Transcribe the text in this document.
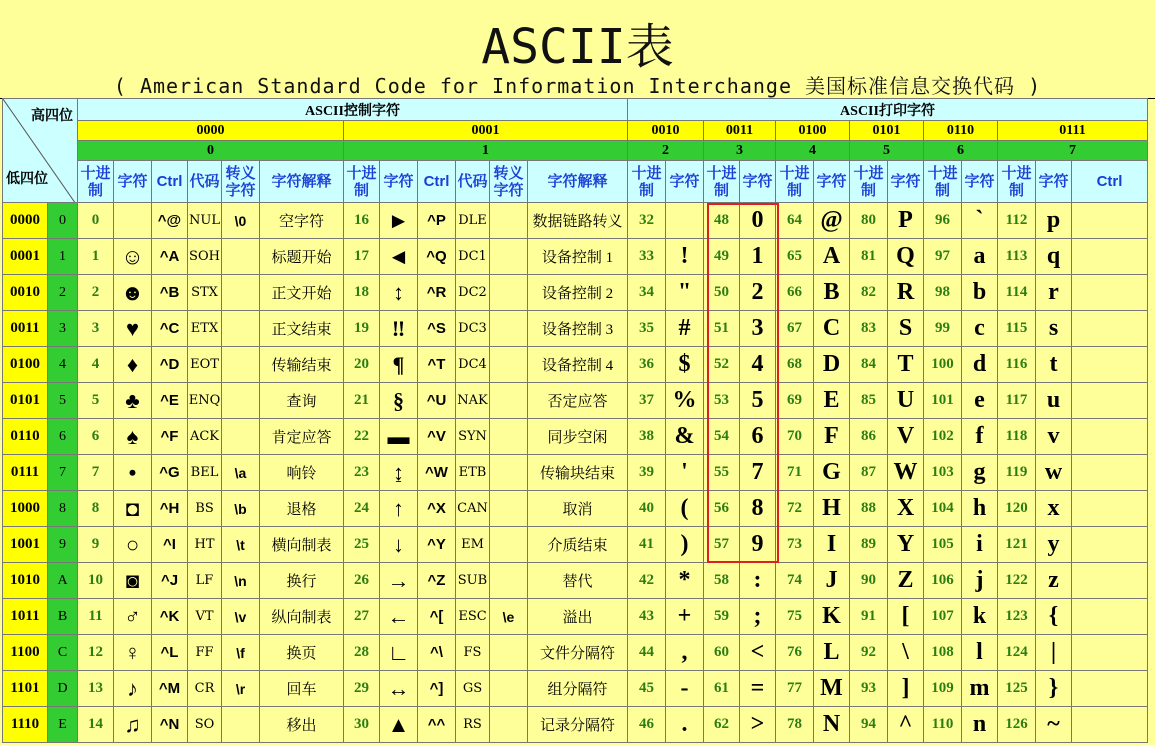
ASCII表
( American Standard Code for Information Interchange 美国标准信息交换代码 )
高四位
低四位		ASCII控制字符												ASCII打印字符												
		0000						0001						0010		0011		0100		0101		0110		0111		
		0						1						2		3		4		5		6		7		
		十进制	字符	Ctrl	代码	转义字符	字符解释	十进制	字符	Ctrl	代码	转义字符	字符解释	十进制	字符	十进制	字符	十进制	字符	十进制	字符	十进制	字符	十进制	字符	Ctrl
0000	0	0		^@	NUL	\0	空字符	16	►	^P	DLE		数据链路转义	32		48	0	64	@	80	P	96	`	112	p	
0001	1	1	☺	^A	SOH		标题开始	17	◄	^Q	DC1		设备控制 1	33	!	49	1	65	A	81	Q	97	a	113	q	
0010	2	2	☻	^B	STX		正文开始	18	↕	^R	DC2		设备控制 2	34	"	50	2	66	B	82	R	98	b	114	r	
0011	3	3	♥	^C	ETX		正文结束	19	‼	^S	DC3		设备控制 3	35	#	51	3	67	C	83	S	99	c	115	s	
0100	4	4	♦	^D	EOT		传输结束	20	¶	^T	DC4		设备控制 4	36	$	52	4	68	D	84	T	100	d	116	t	
0101	5	5	♣	^E	ENQ		查询	21	§	^U	NAK		否定应答	37	%	53	5	69	E	85	U	101	e	117	u	
0110	6	6	♠	^F	ACK		肯定应答	22	▬	^V	SYN		同步空闲	38	&	54	6	70	F	86	V	102	f	118	v	
0111	7	7	•	^G	BEL	\a	响铃	23	↨	^W	ETB		传输块结束	39	'	55	7	71	G	87	W	103	g	119	w	
1000	8	8	◘	^H	BS	\b	退格	24	↑	^X	CAN		取消	40	(	56	8	72	H	88	X	104	h	120	x	
1001	9	9	○	^I	HT	\t	横向制表	25	↓	^Y	EM		介质结束	41	)	57	9	73	I	89	Y	105	i	121	y	
1010	A	10	◙	^J	LF	\n	换行	26	→	^Z	SUB		替代	42	*	58	:	74	J	90	Z	106	j	122	z	
1011	B	11	♂	^K	VT	\v	纵向制表	27	←	^[	ESC	\e	溢出	43	+	59	;	75	K	91	[	107	k	123	{	
1100	C	12	♀	^L	FF	\f	换页	28	∟	^\	FS		文件分隔符	44	,	60	<	76	L	92	\	108	l	124	|	
1101	D	13	♪	^M	CR	\r	回车	29	↔	^]	GS		组分隔符	45	-	61	=	77	M	93	]	109	m	125	}	
1110	E	14	♫	^N	SO		移出	30	▲	^^	RS		记录分隔符	46	.	62	>	78	N	94	^	110	n	126	~	
